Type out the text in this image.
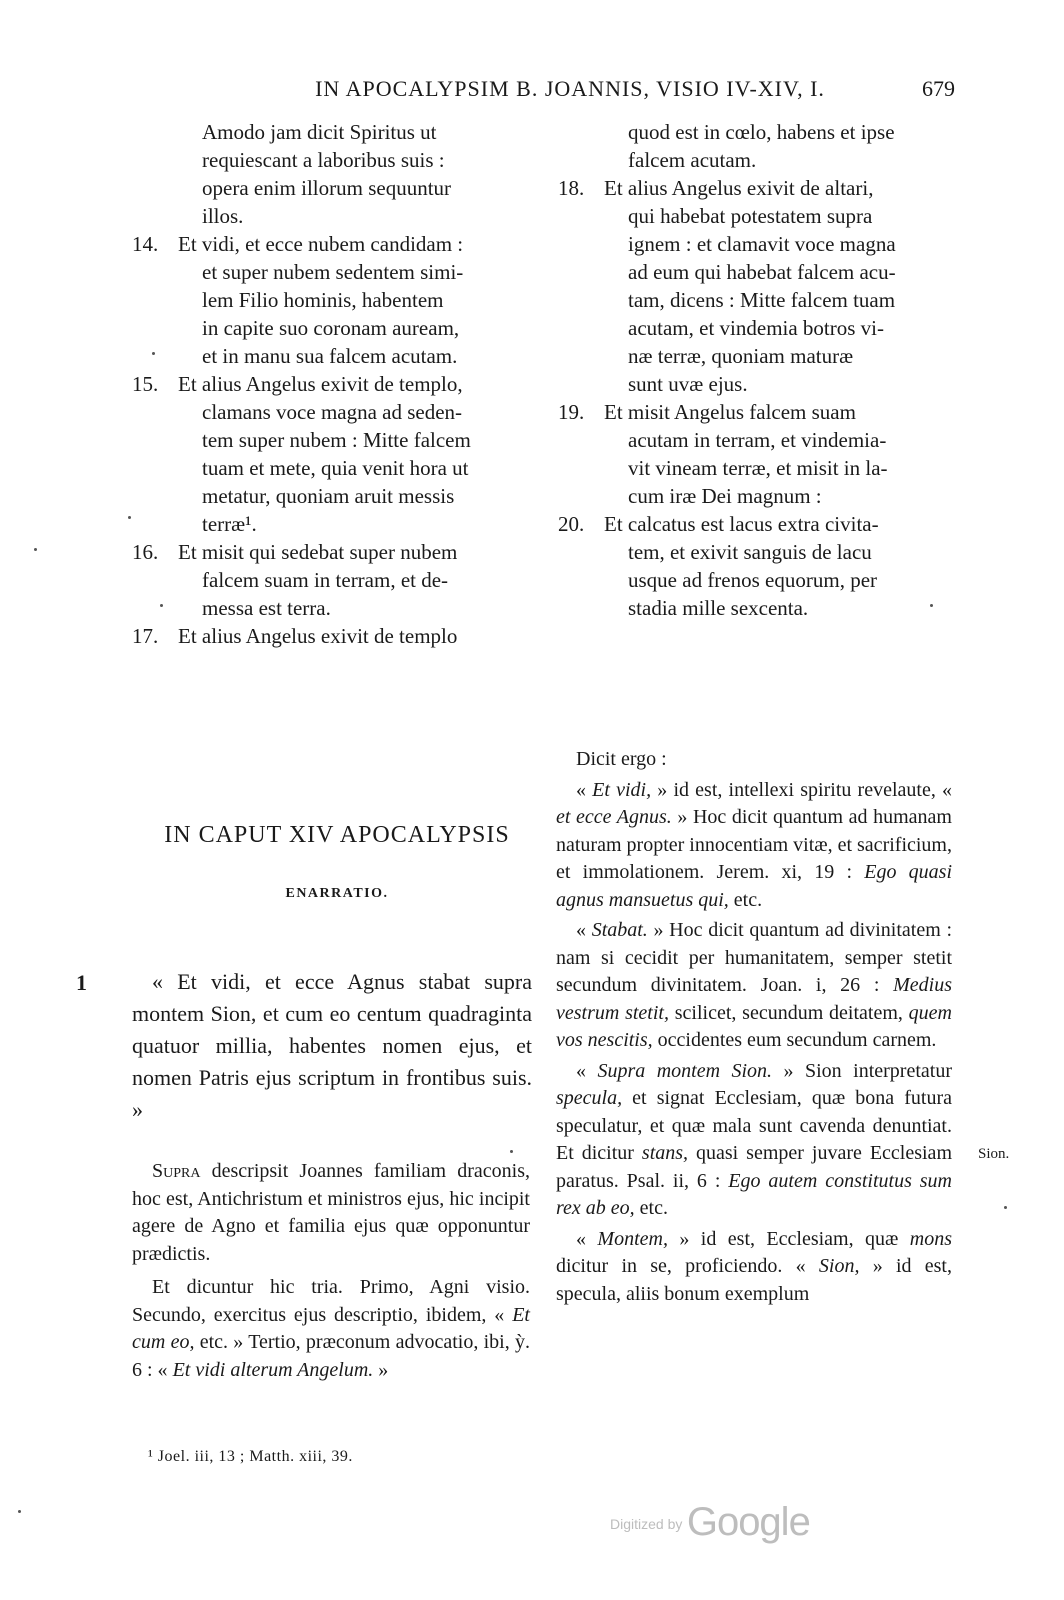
IN APOCALYPSIM B. JOANNIS, VISIO IV-XIV, I.	679
Amodo jam dicit Spiritus ut
requiescant a laboribus suis :
opera enim illorum sequuntur
illos.
14. Et vidi, et ecce nubem candidam :
et super nubem sedentem simi-
lem Filio hominis, habentem
in capite suo coronam auream,
et in manu sua falcem acutam.
15. Et alius Angelus exivit de templo,
clamans voce magna ad seden-
tem super nubem : Mitte falcem
tuam et mete, quia venit hora ut
metatur, quoniam aruit messis
terræ¹.
16. Et misit qui sedebat super nubem
falcem suam in terram, et de-
messa est terra.
17. Et alius Angelus exivit de templo
quod est in cœlo, habens et ipse
falcem acutam.
18. Et alius Angelus exivit de altari,
qui habebat potestatem supra
ignem : et clamavit voce magna
ad eum qui habebat falcem acu-
tam, dicens : Mitte falcem tuam
acutam, et vindemia botros vi-
næ terræ, quoniam maturæ
sunt uvæ ejus.
19. Et misit Angelus falcem suam
acutam in terram, et vindemia-
vit vineam terræ, et misit in la-
cum iræ Dei magnum :
20. Et calcatus est lacus extra civita-
tem, et exivit sanguis de lacu
usque ad frenos equorum, per
stadia mille sexcenta.
IN CAPUT XIV APOCALYPSIS
ENARRATIO.
1	« Et vidi, et ecce Agnus stabat supra montem Sion, et cum eo centum quadraginta quatuor millia, habentes nomen ejus, et nomen Patris ejus scriptum in frontibus suis. »

Supra descripsit Joannes familiam draconis, hoc est, Antichristum et ministros ejus, hic incipit agere de Agno et familia ejus quæ opponuntur prædictis.

Et dicuntur hic tria. Primo, Agni visio. Secundo, exercitus ejus descriptio, ibidem, « Et cum eo, etc. » Tertio, præconum advocatio, ibi, ỳ. 6 : « Et vidi alterum Angelum. »

Dicit ergo :

« Et vidi, » id est, intellexi spiritu revelaute, « et ecce Agnus. » Hoc dicit quantum ad humanam naturam propter innocentiam vitæ, et sacrificium, et immolationem. Jerem. xi, 19 : Ego quasi agnus mansuetus qui, etc.

« Stabat. » Hoc dicit quantum ad divinitatem : nam si cecidit per humanitatem, semper stetit secundum divinitatem. Joan. i, 26 : Medius vestrum stetit, scilicet, secundum deitatem, quem vos nescitis, occidentes eum secundum carnem.

« Supra montem Sion. » Sion interpretatur specula, et signat Ecclesiam, quæ bona futura speculatur, et quæ mala sunt cavenda denuntiat. Et dicitur stans, quasi semper juvare Ecclesiam paratus. Psal. ii, 6 : Ego autem constitutus sum rex ab eo, etc.

« Montem, » id est, Ecclesiam, quæ mons dicitur in se, proficiendo. « Sion, » id est, specula, aliis bonum exemplum

Sion.
¹ Joel. iii, 13 ; Matth. xiii, 39.
Digitized by Google
